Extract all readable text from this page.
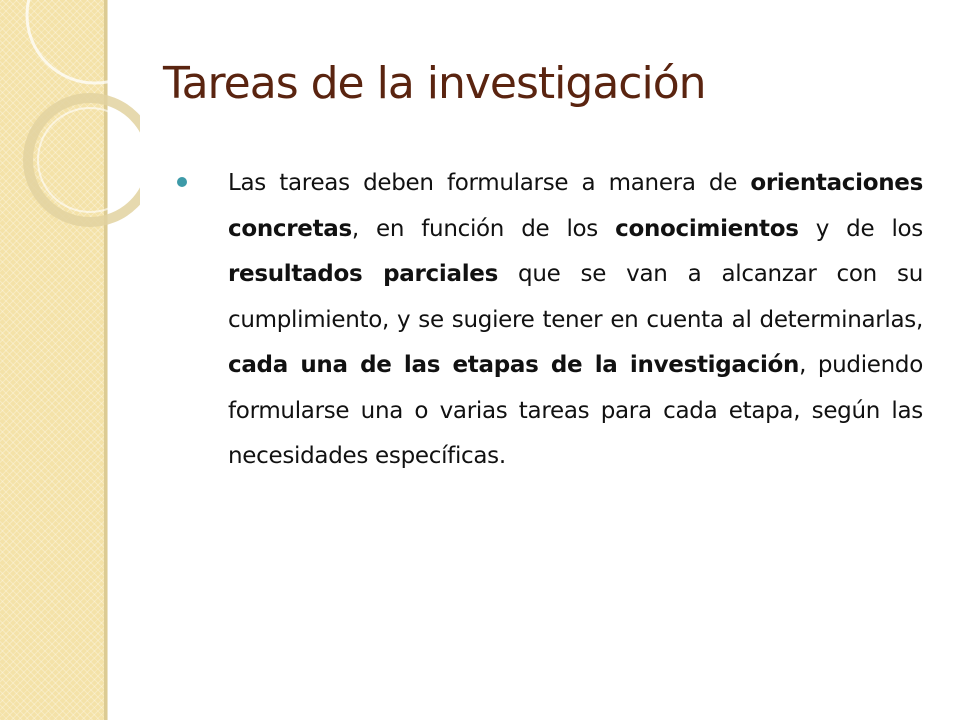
Tareas de la investigación

Las tareas deben formularse a manera de orientaciones concretas, en función de los conocimientos y de los resultados parciales que se van a alcanzar con su cumplimiento, y se sugiere tener en cuenta al determinarlas, cada una de las etapas de la investigación, pudiendo formularse una o varias tareas para cada etapa, según las necesidades específicas.
